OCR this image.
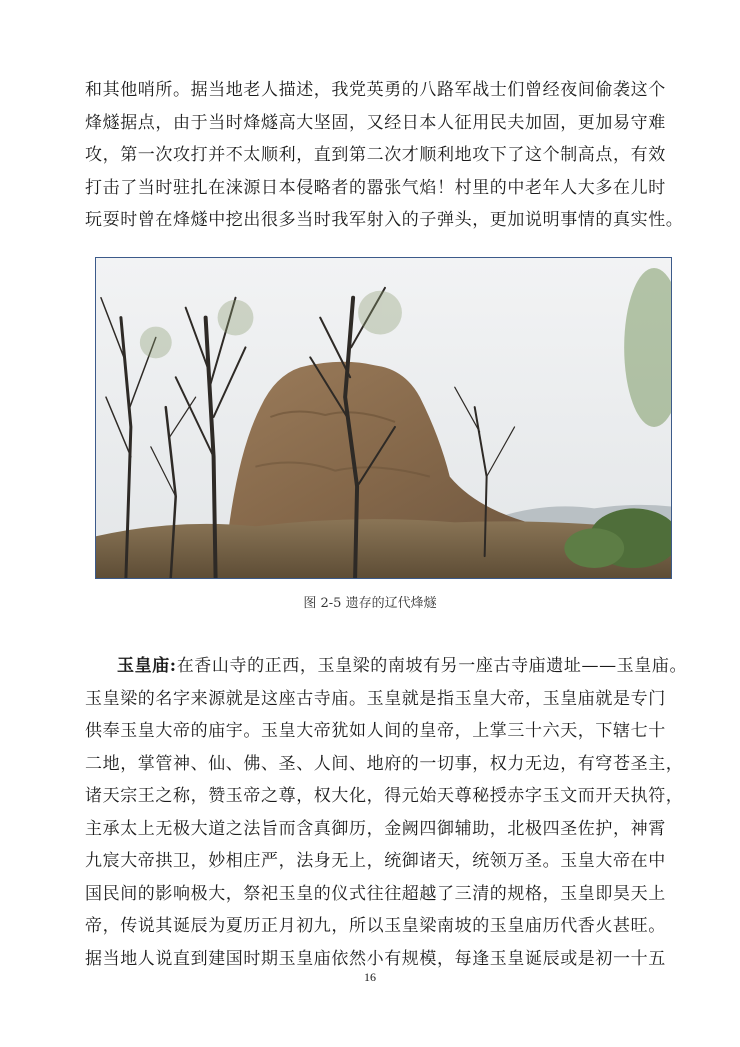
和其他哨所。据当地老人描述，我党英勇的八路军战士们曾经夜间偷袭这个
烽燧据点，由于当时烽燧高大坚固，又经日本人征用民夫加固，更加易守难
攻，第一次攻打并不太顺利，直到第二次才顺利地攻下了这个制高点，有效
打击了当时驻扎在涞源日本侵略者的嚣张气焰！村里的中老年人大多在儿时
玩耍时曾在烽燧中挖出很多当时我军射入的子弹头，更加说明事情的真实性。

图 2-5 遗存的辽代烽燧

玉皇庙:在香山寺的正西，玉皇梁的南坡有另一座古寺庙遗址——玉皇庙。
玉皇梁的名字来源就是这座古寺庙。玉皇就是指玉皇大帝，玉皇庙就是专门
供奉玉皇大帝的庙宇。玉皇大帝犹如人间的皇帝，上掌三十六天，下辖七十
二地，掌管神、仙、佛、圣、人间、地府的一切事，权力无边，有穹苍圣主，
诸天宗王之称，赞玉帝之尊，权大化，得元始天尊秘授赤字玉文而开天执符，
主承太上无极大道之法旨而含真御历，金阙四御辅助，北极四圣佐护，神霄
九宸大帝拱卫，妙相庄严，法身无上，统御诸天，统领万圣。玉皇大帝在中
国民间的影响极大，祭祀玉皇的仪式往往超越了三清的规格，玉皇即昊天上
帝，传说其诞辰为夏历正月初九，所以玉皇梁南坡的玉皇庙历代香火甚旺。
据当地人说直到建国时期玉皇庙依然小有规模，每逢玉皇诞辰或是初一十五

16
